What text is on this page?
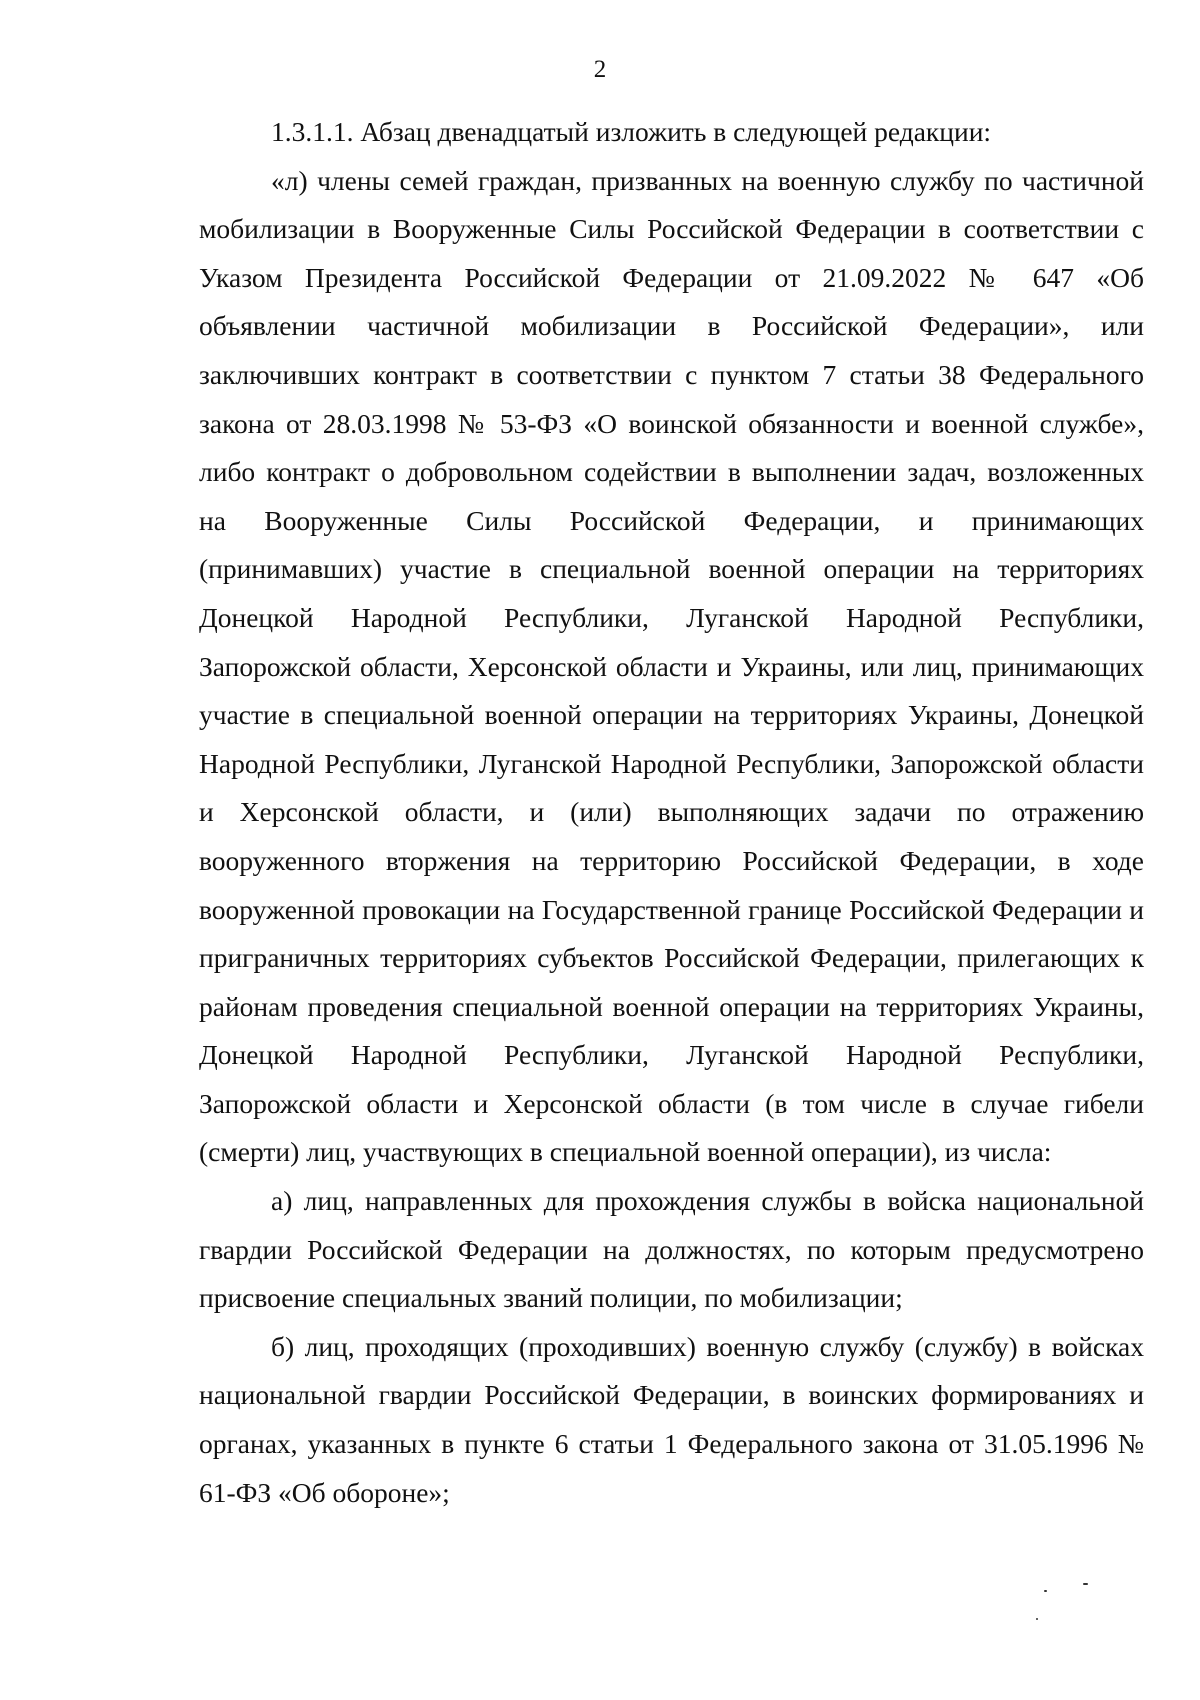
2

1.3.1.1. Абзац двенадцатый изложить в следующей редакции:

«л) члены семей граждан, призванных на военную службу по частичной мобилизации в Вооруженные Силы Российской Федерации в соответствии с Указом Президента Российской Федерации от 21.09.2022 № 647 «Об объявлении частичной мобилизации в Российской Федерации», или заключивших контракт в соответствии с пунктом 7 статьи 38 Федерального закона от 28.03.1998 № 53-ФЗ «О воинской обязанности и военной службе», либо контракт о добровольном содействии в выполнении задач, возложенных на Вооруженные Силы Российской Федерации, и принимающих (принимавших) участие в специальной военной операции на территориях Донецкой Народной Республики, Луганской Народной Республики, Запорожской области, Херсонской области и Украины, или лиц, принимающих участие в специальной военной операции на территориях Украины, Донецкой Народной Республики, Луганской Народной Республики, Запорожской области и Херсонской области, и (или) выполняющих задачи по отражению вооруженного вторжения на территорию Российской Федерации, в ходе вооруженной провокации на Государственной границе Российской Федерации и приграничных территориях субъектов Российской Федерации, прилегающих к районам проведения специальной военной операции на территориях Украины, Донецкой Народной Республики, Луганской Народной Республики, Запорожской области и Херсонской области (в том числе в случае гибели (смерти) лиц, участвующих в специальной военной операции), из числа:

а) лиц, направленных для прохождения службы в войска национальной гвардии Российской Федерации на должностях, по которым предусмотрено присвоение специальных званий полиции, по мобилизации;

б) лиц, проходящих (проходивших) военную службу (службу) в войсках национальной гвардии Российской Федерации, в воинских формированиях и органах, указанных в пункте 6 статьи 1 Федерального закона от 31.05.1996 № 61-ФЗ «Об обороне»;
